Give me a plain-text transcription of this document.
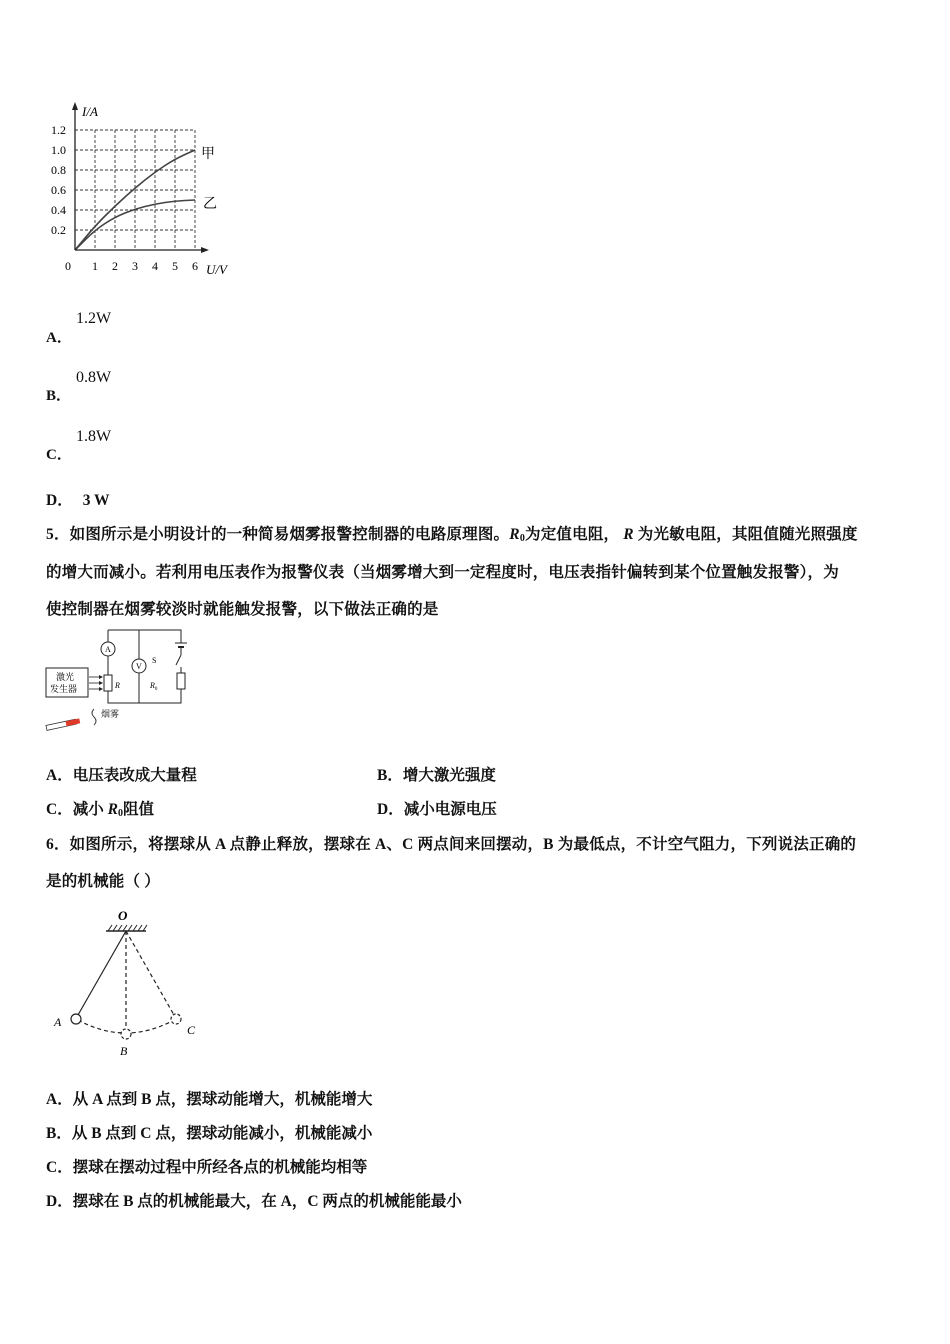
I/A
U/V
1.2
1.0
0.8
0.6
0.4
0.2
0 1 2 3 4 5 6
甲
乙
A．
1.2W
B．
0.8W
C．
1.8W
D． 3 W
5．如图所示是小明设计的一种简易烟雾报警控制器的电路原理图。$R_0$为定值电阻， R 为光敏电阻，其阻值随光照强度
的增大而减小。若利用电压表作为报警仪表（当烟雾增大到一定程度时，电压表指针偏转到某个位置触发报警），为
使控制器在烟雾较淡时就能触发报警，以下做法正确的是
S
$R_0$
A
V
R
激光
发生器
烟雾
A．电压表改成大量程	B．增大激光强度
C．减小 $R_0$阻值	D．减小电源电压
6．如图所示，将摆球从 A 点静止释放，摆球在 A、C 两点间来回摆动，B 为最低点，不计空气阻力，下列说法正确的
是的机械能（ ）
O
A
B
C
A．从 A 点到 B 点，摆球动能增大，机械能增大
B．从 B 点到 C 点，摆球动能减小，机械能减小
C．摆球在摆动过程中所经各点的机械能均相等
D．摆球在 B 点的机械能最大，在 A，C 两点的机械能能最小
